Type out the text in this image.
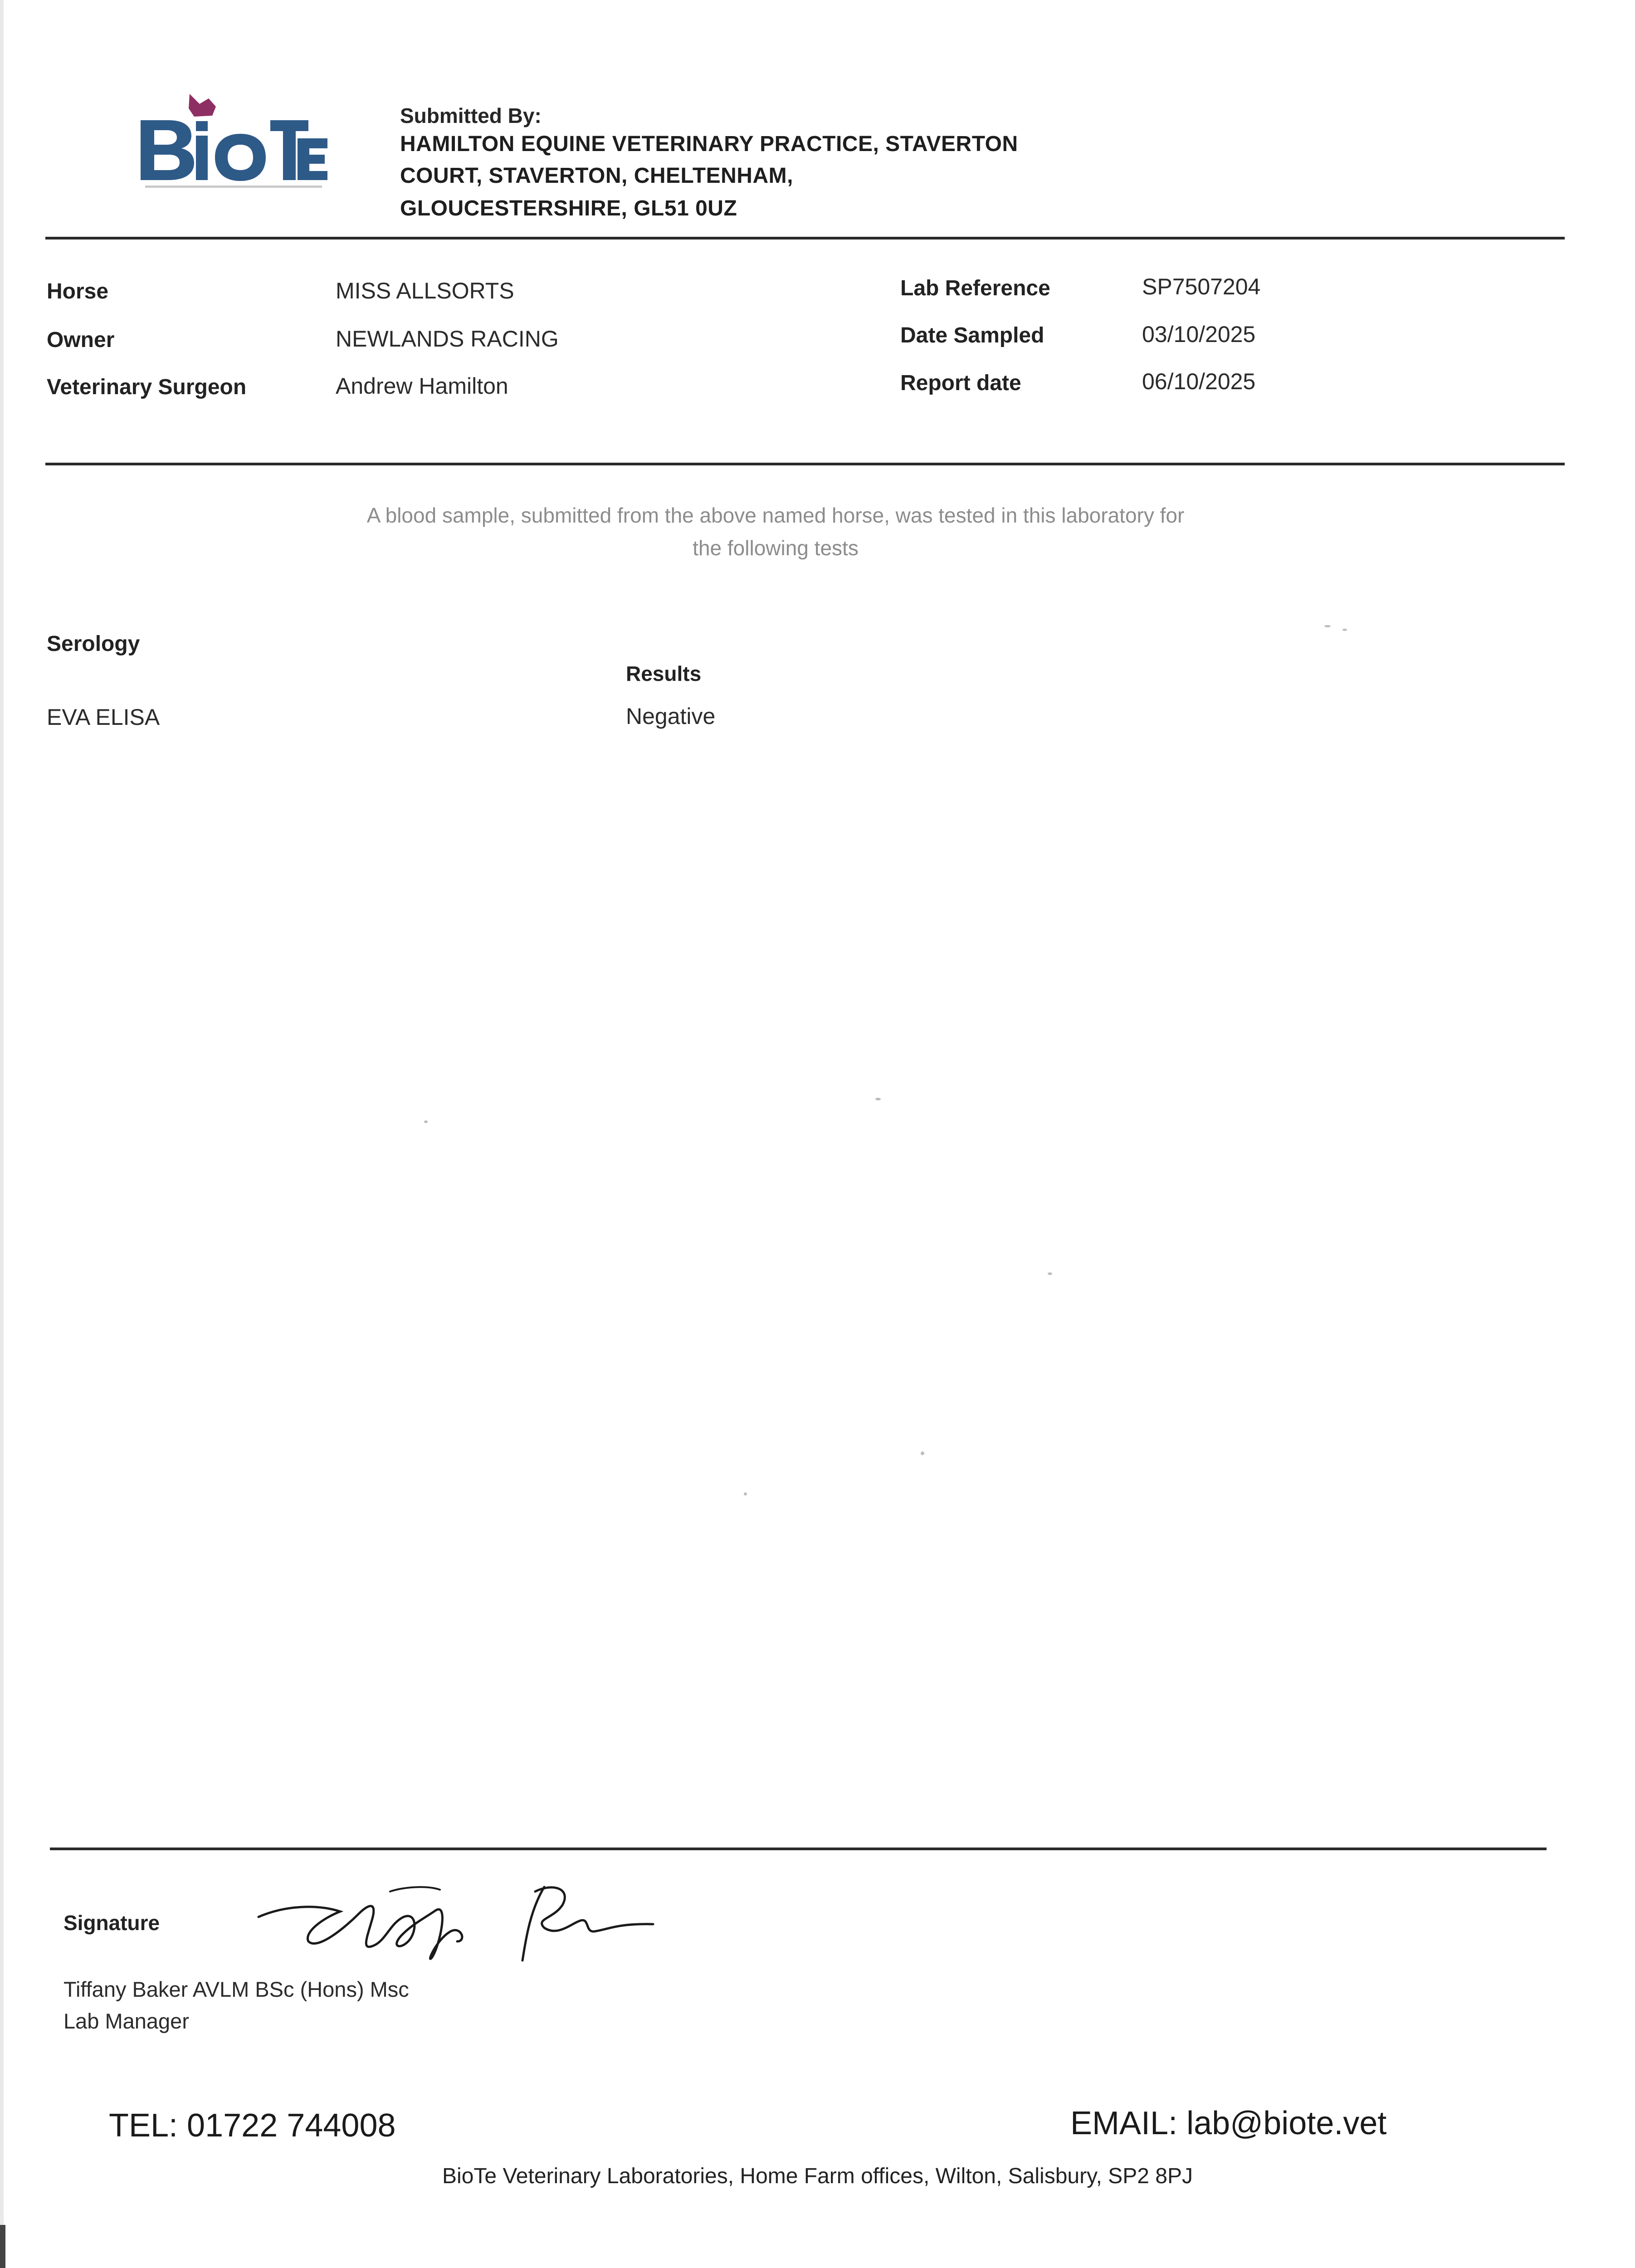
Submitted By:
HAMILTON EQUINE VETERINARY PRACTICE, STAVERTON
COURT, STAVERTON, CHELTENHAM,
GLOUCESTERSHIRE, GL51 0UZ
Horse	MISS ALLSORTS
Owner	NEWLANDS RACING
Veterinary Surgeon	Andrew Hamilton
Lab Reference	SP7507204
Date Sampled	03/10/2025
Report date	06/10/2025
A blood sample, submitted from the above named horse, was tested in this laboratory for
the following tests
Serology
Results
EVA ELISA	Negative
Signature
Tiffany Baker AVLM BSc (Hons) Msc
Lab Manager
TEL: 01722 744008	EMAIL: lab@biote.vet
BioTe Veterinary Laboratories, Home Farm offices, Wilton, Salisbury, SP2 8PJ
